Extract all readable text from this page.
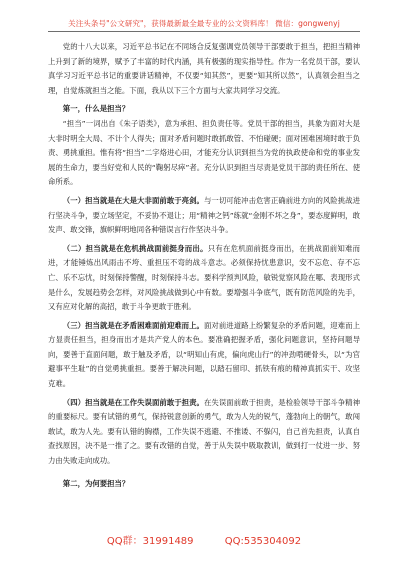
关注头条号"公文研究"，获得最新最全最专业的公文资料库！ 微信：gongwenyj

党的十八大以来，习近平总书记在不同场合反复强调党员领导干部要敢于担当，把担当精神上升到了新的境界，赋予了丰富的时代内涵，具有极强的现实指导性。作为一名党员干部，要认真学习习近平总书记的重要讲话精神，不仅要“知其然”，更要“知其所以然”，认真领会担当之理，自觉炼就担当之能。下面，我从以下三个方面与大家共同学习交流。

第一，什么是担当？

“担当”一词出自《朱子语类》，意为承担、担负责任等。党员干部的担当，具象为面对大是大非时明全大局、不计个人得失；面对矛盾问题时敢抓敢管、不怕碰硬；面对困难困境时敢于负责、勇挑重担。惟有将“担当”二字烙进心田，才能充分认识到担当为党的执政使命和党的事业发展的生命力，要当好党和人民的“鞠躬尽瘁”者。充分认识到担当尽责是党员干部的责任所在、使命所系。

（一）担当就是在大是大非面前敢于亮剑。与一切可能冲击危害正确前进方向的风险挑战进行坚决斗争，要立场坚定，不妥协不退让；用“精神之钙”练就“金刚不坏之身”，要态度鲜明，敢发声、敢交锋，旗帜鲜明地同各种错误言行作坚决斗争。

（二）担当就是在危机挑战面前挺身而出。只有在危机面前挺身而出，在挑战面前知难而进，才能锤炼出风雨击不垮、重担压不弯的战斗意志。必须保持忧患意识，安不忘危、存不忘亡、乐不忘忧，时刻保持警醒，时刻保持斗志。要科学预判风险，敏锐觉察风险在哪、表现形式是什么，发展趋势会怎样，对风险挑战做到心中有数。要增强斗争底气，既有防范风险的先手，又有应对化解的高招，敢于斗争更敢于胜利。

（三）担当就是在矛盾困难面前迎难而上。面对前进道路上纷繁复杂的矛盾问题，迎难而上方显责任担当，担身而出才是共产党人的本色。要准确把握矛盾，强化问题意识，坚持问题导向，要善于直面问题，敢于触及矛盾，以“明知山有虎，偏向虎山行”的冲劲啃硬骨头，以“为官避事平生耻”的自觉勇挑重担。要善于解决问题，以踏石留印、抓铁有痕的精神真抓实干、攻坚克难。

（四）担当就是在工作失误面前敢于担责。在失误面前敢于担责，是检验领导干部斗争精神的重要标尺。要有试错的勇气，保持锐意创新的勇气，敢为人先的锐气，蓬勃向上的朝气，敢闯敢试，敢为人先。要有认错的胸襟，工作失误不逃避、不推诿、不躲闪，自己首先担责，认真自查找原因，决不是一推了之。要有改错的自觉，善于从失误中吸取教训，做到打一仗进一步、努力由失败走向成功。

第二，为何要担当？

QQ群：31991489	QQ:535304092
